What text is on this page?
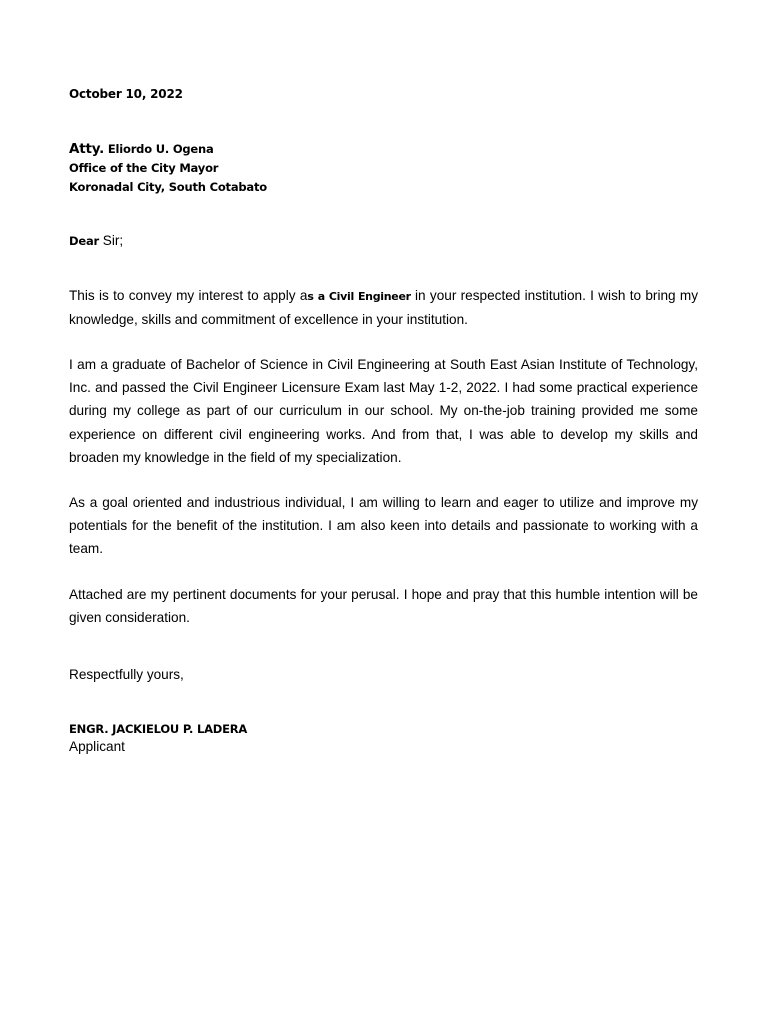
October 10, 2022
Atty. Eliordo U. Ogena
Office of the City Mayor
Koronadal City, South Cotabato
Dear Sir;

This is to convey my interest to apply as a Civil Engineer in your respected institution. I wish to bring my knowledge, skills and commitment of excellence in your institution.

I am a graduate of Bachelor of Science in Civil Engineering at South East Asian Institute of Technology, Inc. and passed the Civil Engineer Licensure Exam last May 1-2, 2022. I had some practical experience during my college as part of our curriculum in our school. My on-the-job training provided me some experience on different civil engineering works. And from that, I was able to develop my skills and broaden my knowledge in the field of my specialization.

As a goal oriented and industrious individual, I am willing to learn and eager to utilize and improve my potentials for the benefit of the institution. I am also keen into details and passionate to working with a team.

Attached are my pertinent documents for your perusal. I hope and pray that this humble intention will be given consideration.

Respectfully yours,
ENGR. JACKIELOU P. LADERA
Applicant
